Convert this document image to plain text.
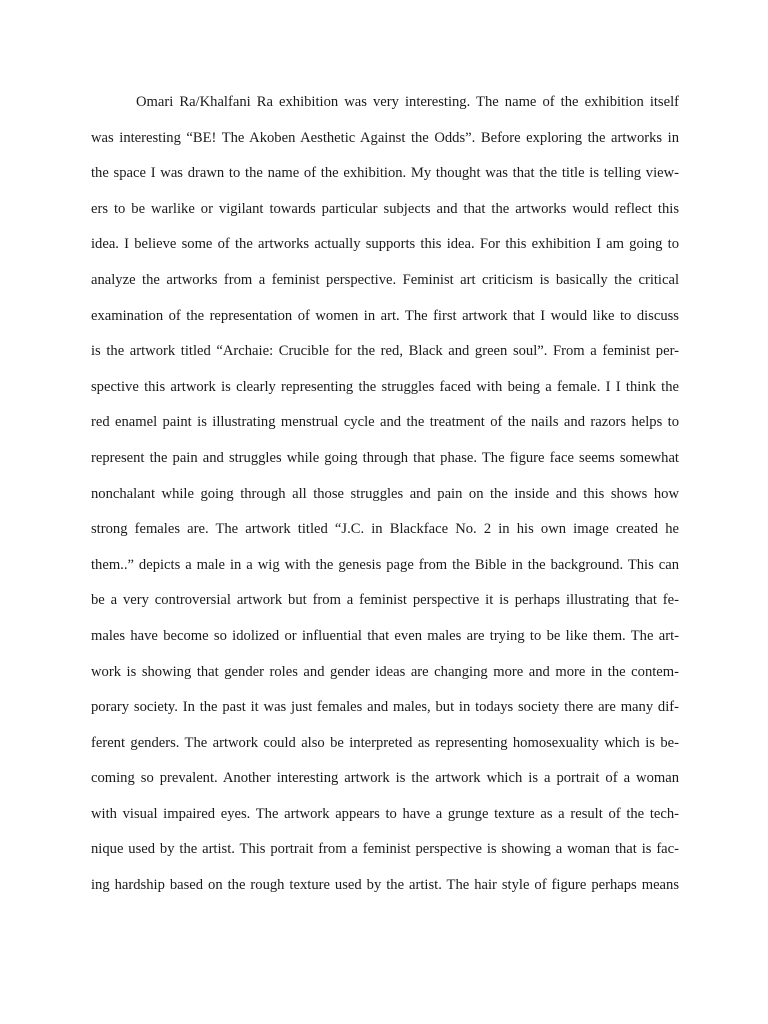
Omari Ra/Khalfani Ra exhibition was very interesting. The name of the exhibition itself
was interesting “BE! The Akoben Aesthetic Against the Odds”. Before exploring the artworks in
the space I was drawn to the name of the exhibition. My thought was that the title is telling view-
ers to be warlike or vigilant towards particular subjects and that the artworks would reflect this
idea. I believe some of the artworks actually supports this idea. For this exhibition I am going to
analyze the artworks from a feminist perspective. Feminist art criticism is basically the critical
examination of the representation of women in art. The first artwork that I would like to discuss
is the artwork titled “Archaie: Crucible for the red, Black and green soul”. From a feminist per-
spective this artwork is clearly representing the struggles faced with being a female. I I think the
red enamel paint is illustrating menstrual cycle and the treatment of the nails and razors helps to
represent the pain and struggles while going through that phase. The figure face seems somewhat
nonchalant while going through all those struggles and pain on the inside and this shows how
strong females are. The artwork titled “J.C. in Blackface No. 2 in his own image created he
them..” depicts a male in a wig with the genesis page from the Bible in the background. This can
be a very controversial artwork but from a feminist perspective it is perhaps illustrating that fe-
males have become so idolized or influential that even males are trying to be like them. The art-
work is showing that gender roles and gender ideas are changing more and more in the contem-
porary society. In the past it was just females and males, but in todays society there are many dif-
ferent genders. The artwork could also be interpreted as representing homosexuality which is be-
coming so prevalent. Another interesting artwork is the artwork which is a portrait of a woman
with visual impaired eyes. The artwork appears to have a grunge texture as a result of the tech-
nique used by the artist. This portrait from a feminist perspective is showing a woman that is fac-
ing hardship based on the rough texture used by the artist. The hair style of figure perhaps means
